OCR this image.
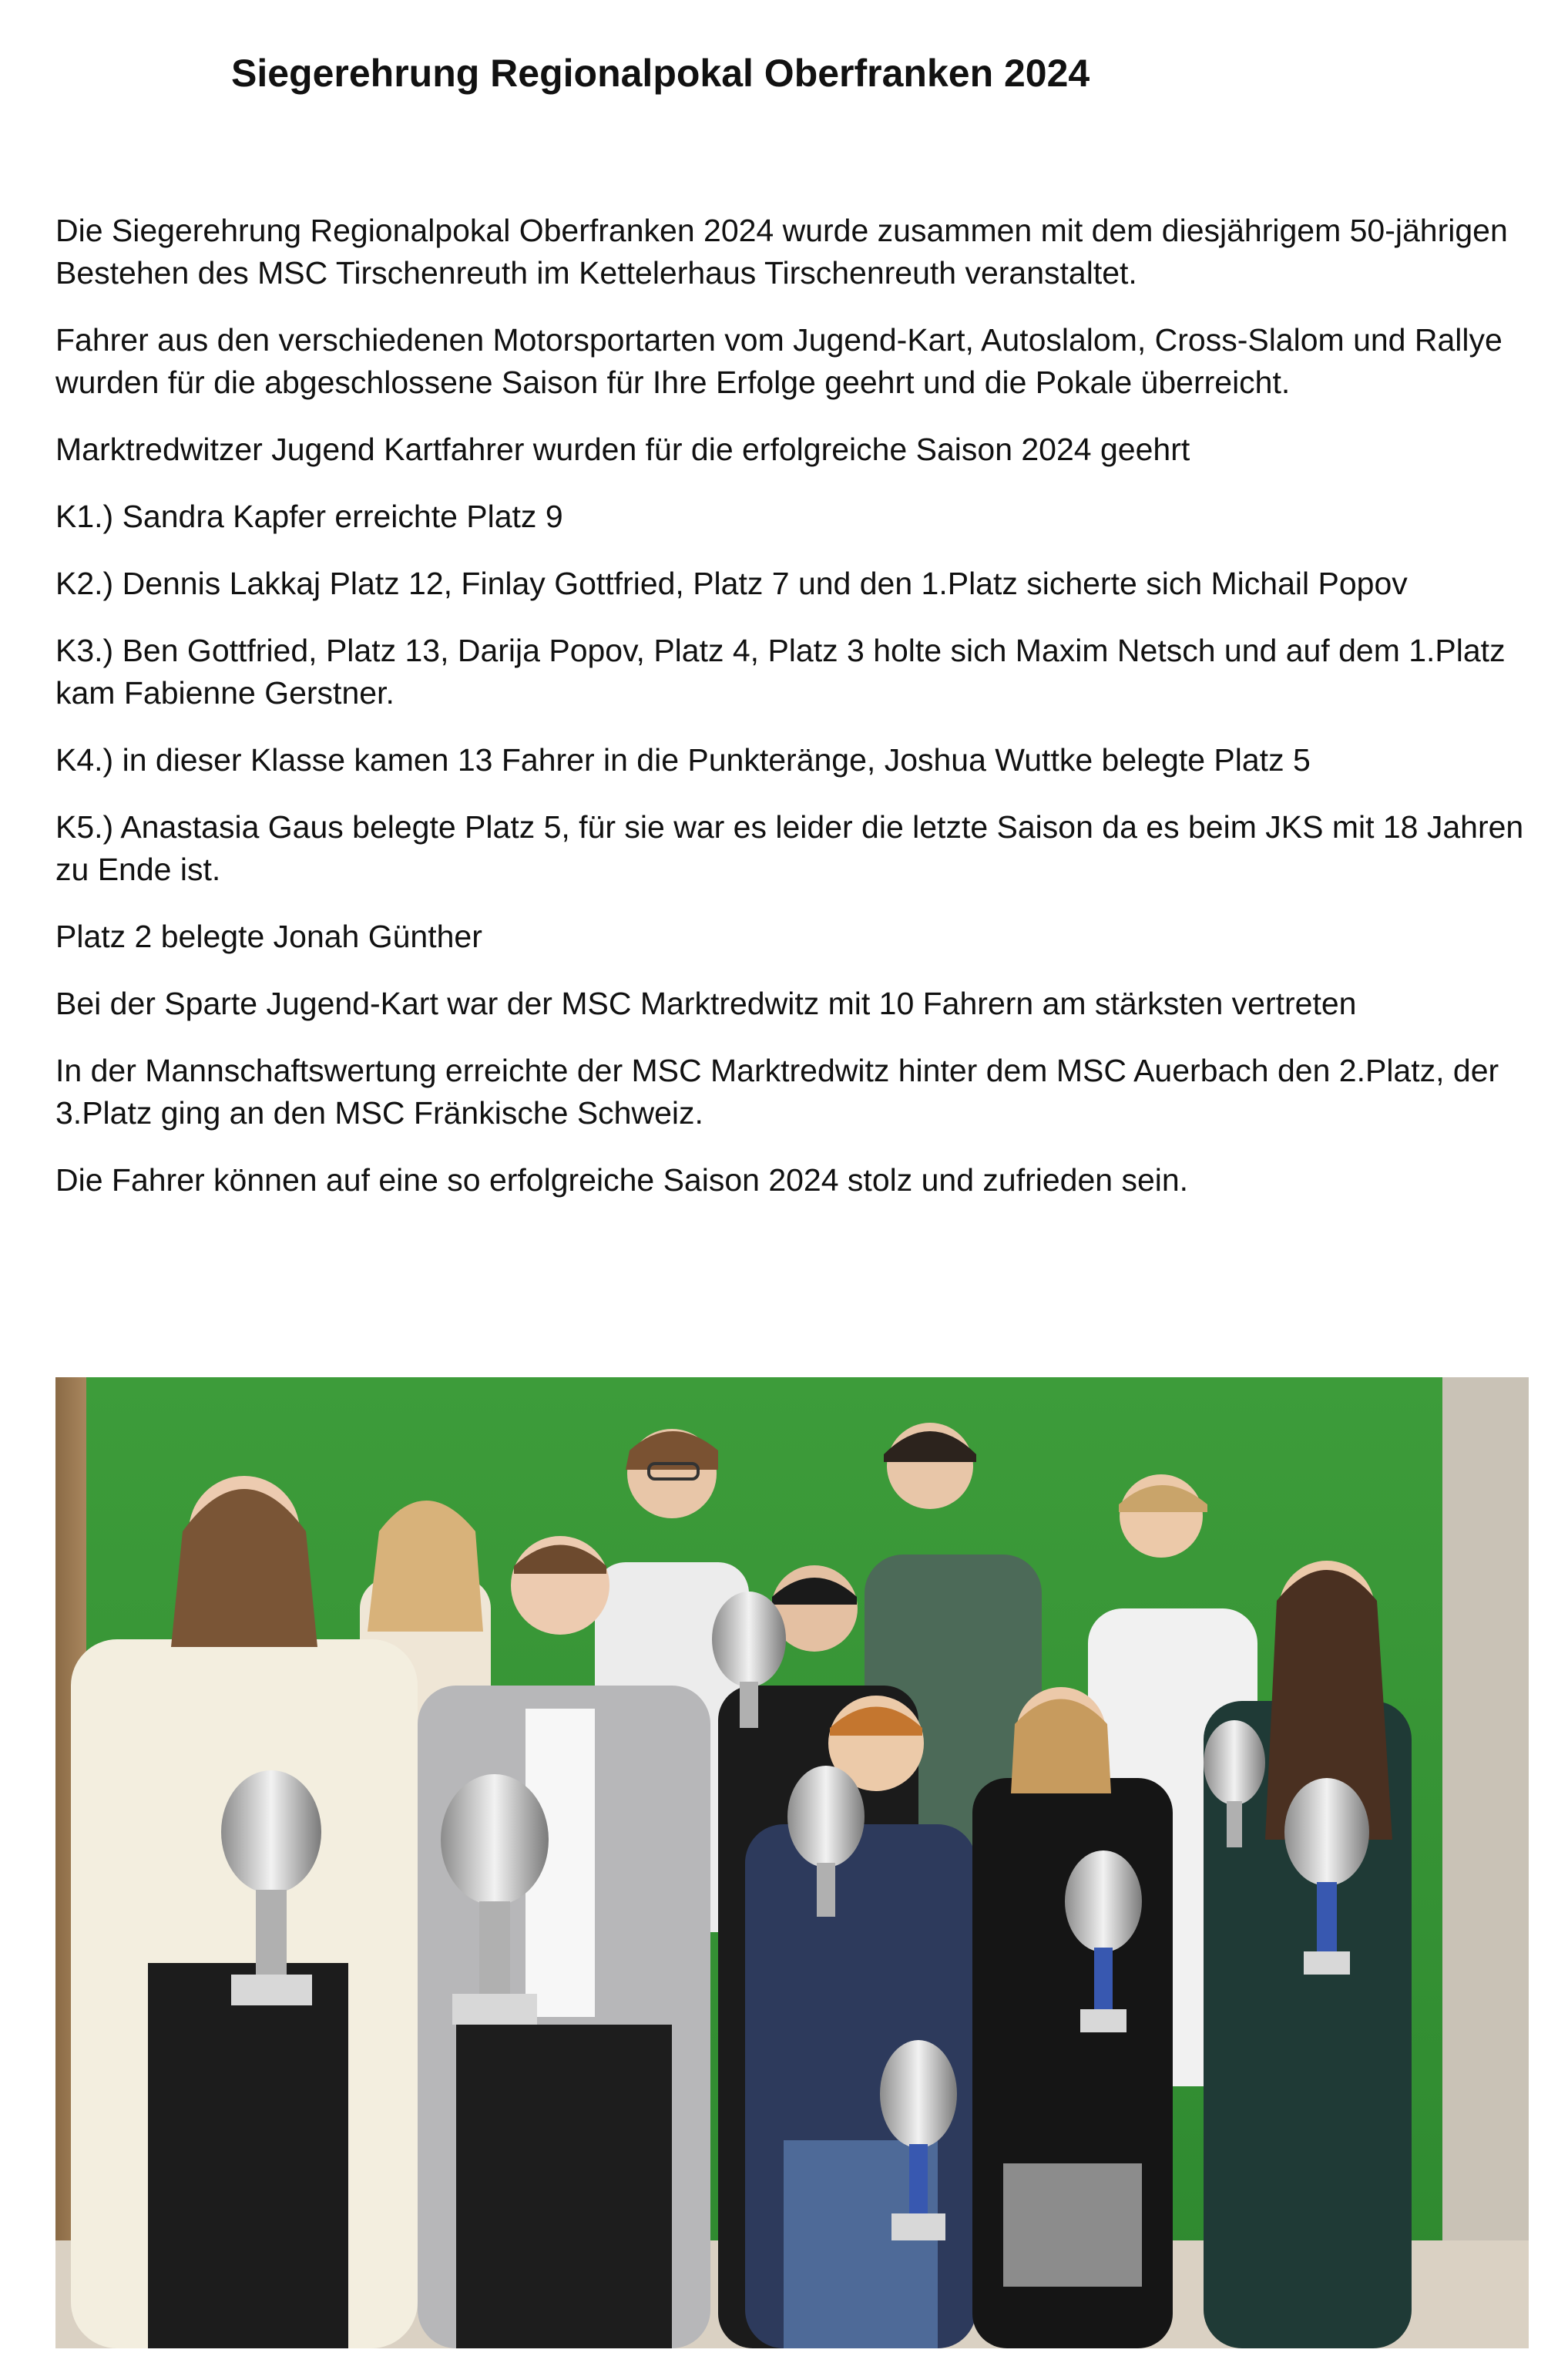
Siegerehrung Regionalpokal Oberfranken 2024

Die Siegerehrung Regionalpokal Oberfranken 2024 wurde zusammen mit dem diesjährigem 50-jährigen Bestehen des MSC Tirschenreuth im Kettelerhaus Tirschenreuth veranstaltet.

Fahrer aus den verschiedenen Motorsportarten vom Jugend-Kart, Autoslalom, Cross-Slalom und Rallye wurden für die abgeschlossene Saison für Ihre Erfolge geehrt und die Pokale überreicht.

Marktredwitzer Jugend Kartfahrer wurden für die erfolgreiche Saison 2024 geehrt

K1.) Sandra Kapfer erreichte Platz 9

K2.) Dennis Lakkaj Platz 12, Finlay Gottfried, Platz 7 und den 1.Platz sicherte sich Michail Popov

K3.) Ben Gottfried, Platz 13, Darija Popov, Platz 4, Platz 3 holte sich Maxim Netsch und auf dem 1.Platz kam Fabienne Gerstner.

K4.) in dieser Klasse kamen 13 Fahrer in die Punkteränge, Joshua Wuttke belegte Platz 5

K5.) Anastasia Gaus belegte Platz 5, für sie war es leider die letzte Saison da es beim JKS mit 18 Jahren zu Ende ist.

Platz 2 belegte Jonah Günther

Bei der Sparte Jugend-Kart war der MSC Marktredwitz mit 10 Fahrern am stärksten vertreten

In der Mannschaftswertung erreichte der MSC Marktredwitz hinter dem MSC Auerbach den 2.Platz, der 3.Platz ging an den MSC Fränkische Schweiz.

Die Fahrer können auf eine so erfolgreiche Saison 2024 stolz und zufrieden sein.
